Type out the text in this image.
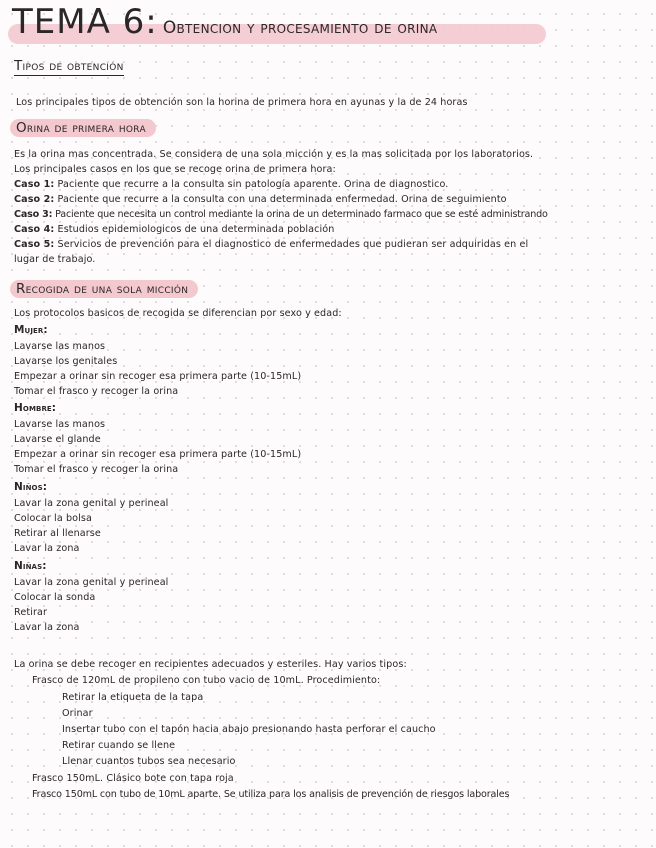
TEMA 6: Obtencion y procesamiento de orina
Tipos de obtención
Los principales tipos de obtención son la horina de primera hora en ayunas y la de 24 horas
Orina de primera hora
Es la orina mas concentrada. Se considera de una sola micción y es la mas solicitada por los laboratorios.
Los principales casos en los que se recoge orina de primera hora:
Caso 1: Paciente que recurre a la consulta sin patología aparente. Orina de diagnostico.
Caso 2: Paciente que recurre a la consulta con una determinada enfermedad. Orina de seguimiento
Caso 3: Paciente que necesita un control mediante la orina de un determinado farmaco que se esté administrando
Caso 4: Estudios epidemiologicos de una determinada población
Caso 5: Servicios de prevención para el diagnostico de enfermedades que pudieran ser adquiridas en el
lugar de trabajo.
Recogida de una sola micción
Los protocolos basicos de recogida se diferencian por sexo y edad:
Mujer:
Lavarse las manos
Lavarse los genitales
Empezar a orinar sin recoger esa primera parte (10-15mL)
Tomar el frasco y recoger la orina
Hombre:
Lavarse las manos
Lavarse el glande
Empezar a orinar sin recoger esa primera parte (10-15mL)
Tomar el frasco y recoger la orina
Niños:
Lavar la zona genital y perineal
Colocar la bolsa
Retirar al llenarse
Lavar la zona
Niñas:
Lavar la zona genital y perineal
Colocar la sonda
Retirar
Lavar la zona
La orina se debe recoger en recipientes adecuados y esteriles. Hay varios tipos:
Frasco de 120mL de propileno con tubo vacio de 10mL. Procedimiento:
Retirar la etiqueta de la tapa
Orinar
Insertar tubo con el tapón hacia abajo presionando hasta perforar el caucho
Retirar cuando se llene
Llenar cuantos tubos sea necesario
Frasco 150mL. Clásico bote con tapa roja
Frasco 150mL con tubo de 10mL aparte. Se utiliza para los analisis de prevención de riesgos laborales
